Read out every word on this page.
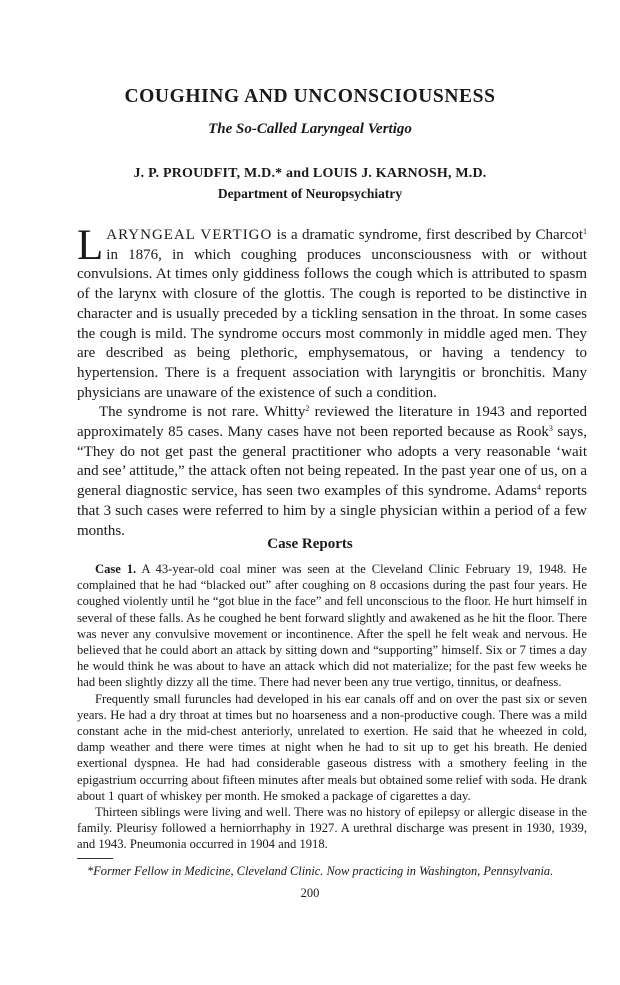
COUGHING AND UNCONSCIOUSNESS
The So-Called Laryngeal Vertigo
J. P. PROUDFIT, M.D.* and LOUIS J. KARNOSH, M.D.
Department of Neuropsychiatry

LARYNGEAL VERTIGO is a dramatic syndrome, first described by Charcot$^1$ in 1876, in which coughing produces unconsciousness with or without convulsions. At times only giddiness follows the cough which is attributed to spasm of the larynx with closure of the glottis. The cough is reported to be distinctive in character and is usually preceded by a tickling sensation in the throat. In some cases the cough is mild. The syndrome occurs most commonly in middle aged men. They are described as being plethoric, emphysematous, or having a tendency to hypertension. There is a frequent association with laryngitis or bronchitis. Many physicians are unaware of the existence of such a condition.

The syndrome is not rare. Whitty$^2$ reviewed the literature in 1943 and reported approximately 85 cases. Many cases have not been reported because as Rook$^3$ says, “They do not get past the general practitioner who adopts a very reasonable ‘wait and see’ attitude,” the attack often not being repeated. In the past year one of us, on a general diagnostic service, has seen two examples of this syndrome. Adams$^4$ reports that 3 such cases were referred to him by a single physician within a period of a few months.

Case Reports

Case 1. A 43-year-old coal miner was seen at the Cleveland Clinic February 19, 1948. He complained that he had “blacked out” after coughing on 8 occasions during the past four years. He coughed violently until he “got blue in the face” and fell unconscious to the floor. He hurt himself in several of these falls. As he coughed he bent forward slightly and awakened as he hit the floor. There was never any convulsive movement or incontinence. After the spell he felt weak and nervous. He believed that he could abort an attack by sitting down and “supporting” himself. Six or 7 times a day he would think he was about to have an attack which did not materialize; for the past few weeks he had been slightly dizzy all the time. There had never been any true vertigo, tinnitus, or deafness.

Frequently small furuncles had developed in his ear canals off and on over the past six or seven years. He had a dry throat at times but no hoarseness and a non-productive cough. There was a mild constant ache in the mid-chest anteriorly, unrelated to exertion. He said that he wheezed in cold, damp weather and there were times at night when he had to sit up to get his breath. He denied exertional dyspnea. He had had considerable gaseous distress with a smothery feeling in the epigastrium occurring about fifteen minutes after meals but obtained some relief with soda. He drank about 1 quart of whiskey per month. He smoked a package of cigarettes a day.

Thirteen siblings were living and well. There was no history of epilepsy or allergic disease in the family. Pleurisy followed a herniorrhaphy in 1927. A urethral discharge was present in 1930, 1939, and 1943. Pneumonia occurred in 1904 and 1918.

*Former Fellow in Medicine, Cleveland Clinic. Now practicing in Washington, Pennsylvania.
200
